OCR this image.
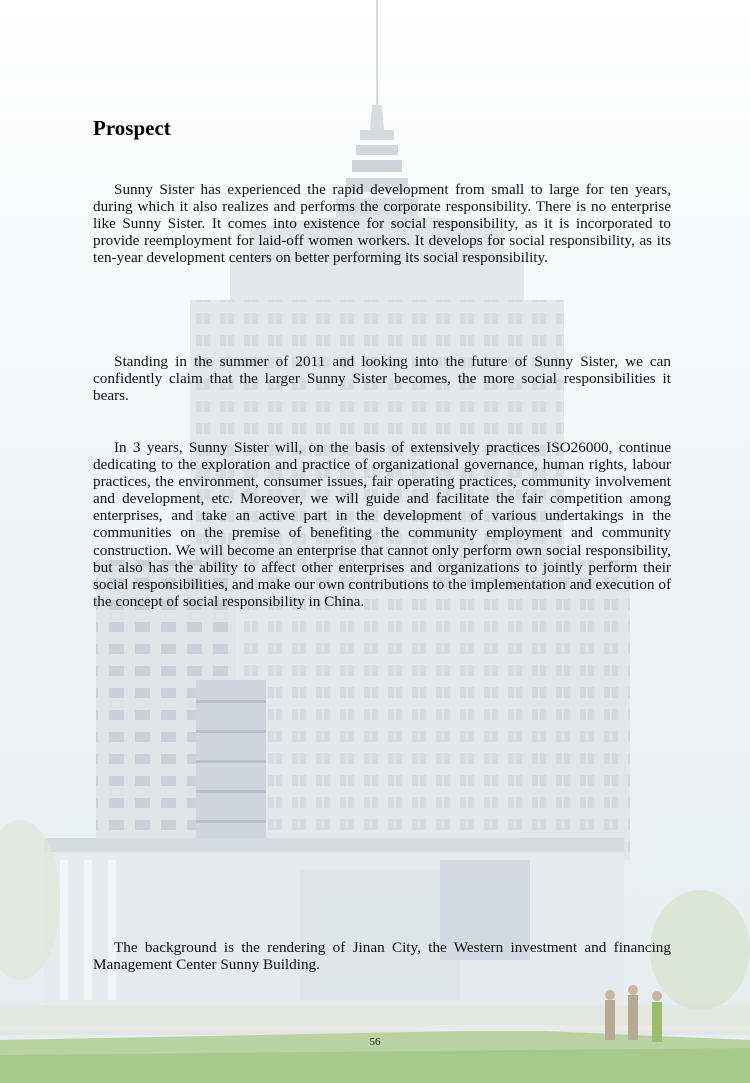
Prospect

Sunny Sister has experienced the rapid development from small to large for ten years, during which it also realizes and performs the corporate responsibility. There is no enterprise like Sunny Sister. It comes into existence for social responsibility, as it is incorporated to provide reemployment for laid-off women workers. It develops for social responsibility, as its ten-year development centers on better performing its social responsibility.

Standing in the summer of 2011 and looking into the future of Sunny Sister, we can confidently claim that the larger Sunny Sister becomes, the more social responsibilities it bears.

In 3 years, Sunny Sister will, on the basis of extensively practices ISO26000, continue dedicating to the exploration and practice of organizational governance, human rights, labour practices, the environment, consumer issues, fair operating practices, community involvement and development, etc. Moreover, we will guide and facilitate the fair competition among enterprises, and take an active part in the development of various undertakings in the communities on the premise of benefiting the community employment and community construction. We will become an enterprise that cannot only perform own social responsibility, but also has the ability to affect other enterprises and organizations to jointly perform their social responsibilities, and make our own contributions to the implementation and execution of the concept of social responsibility in China.

The background is the rendering of Jinan City, the Western investment and financing Management Center Sunny Building.

56
